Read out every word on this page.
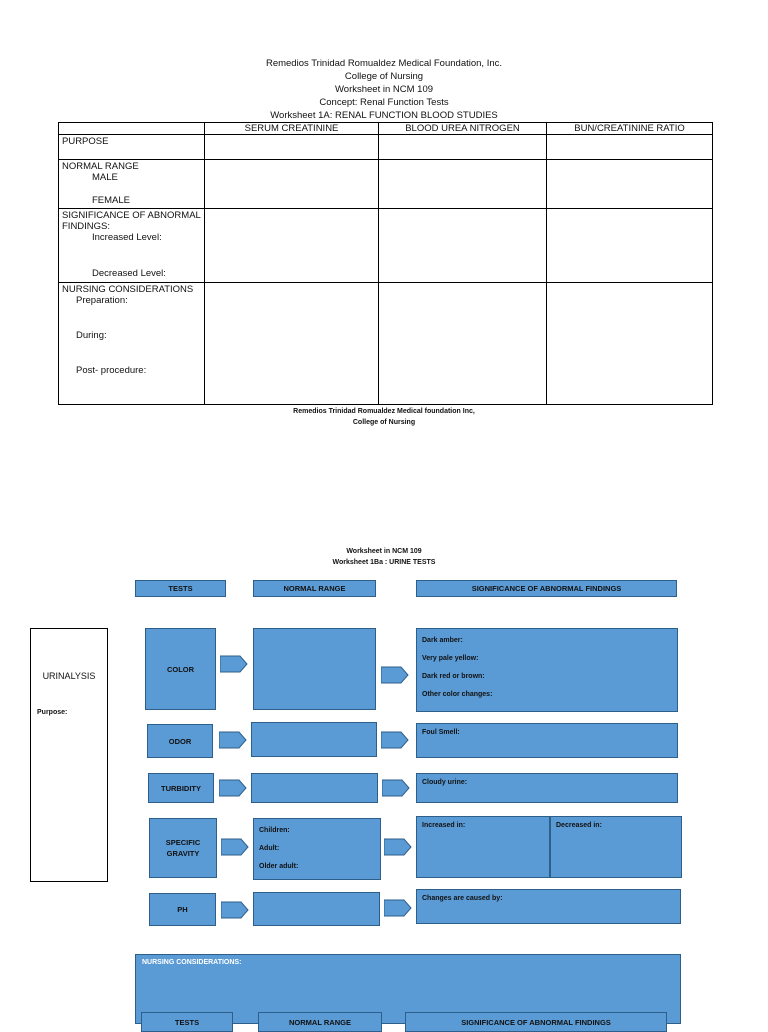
Remedios Trinidad Romualdez Medical Foundation, Inc.
College of Nursing
Worksheet in NCM 109
Concept: Renal Function Tests
Worksheet 1A: RENAL FUNCTION BLOOD STUDIES
	SERUM CREATININE	BLOOD UREA NITROGEN	BUN/CREATININE RATIO
PURPOSE			
NORMAL RANGE
MALE
FEMALE			

SIGNIFICANCE OF ABNORMAL FINDINGS:
Increased Level:
Decreased Level:			

NURSING CONSIDERATIONS
Preparation:
During:
Post- procedure:			

Remedios Trinidad Romualdez Medical foundation Inc,
College of Nursing
Worksheet in NCM 109
Worksheet 1Ba : URINE TESTS
TESTS	NORMAL RANGE	SIGNIFICANCE OF ABNORMAL FINDINGS
URINALYSIS
Purpose:
COLOR
Dark amber:
Very pale yellow:
Dark red or brown:
Other color changes:
ODOR
Foul Smell:
TURBIDITY
Cloudy urine:
SPECIFIC GRAVITY
Children:
Adult:
Older adult:
Increased in:	Decreased in:
PH
Changes are caused by:
NURSING CONSIDERATIONS:
TESTS	NORMAL RANGE	SIGNIFICANCE OF ABNORMAL FINDINGS
